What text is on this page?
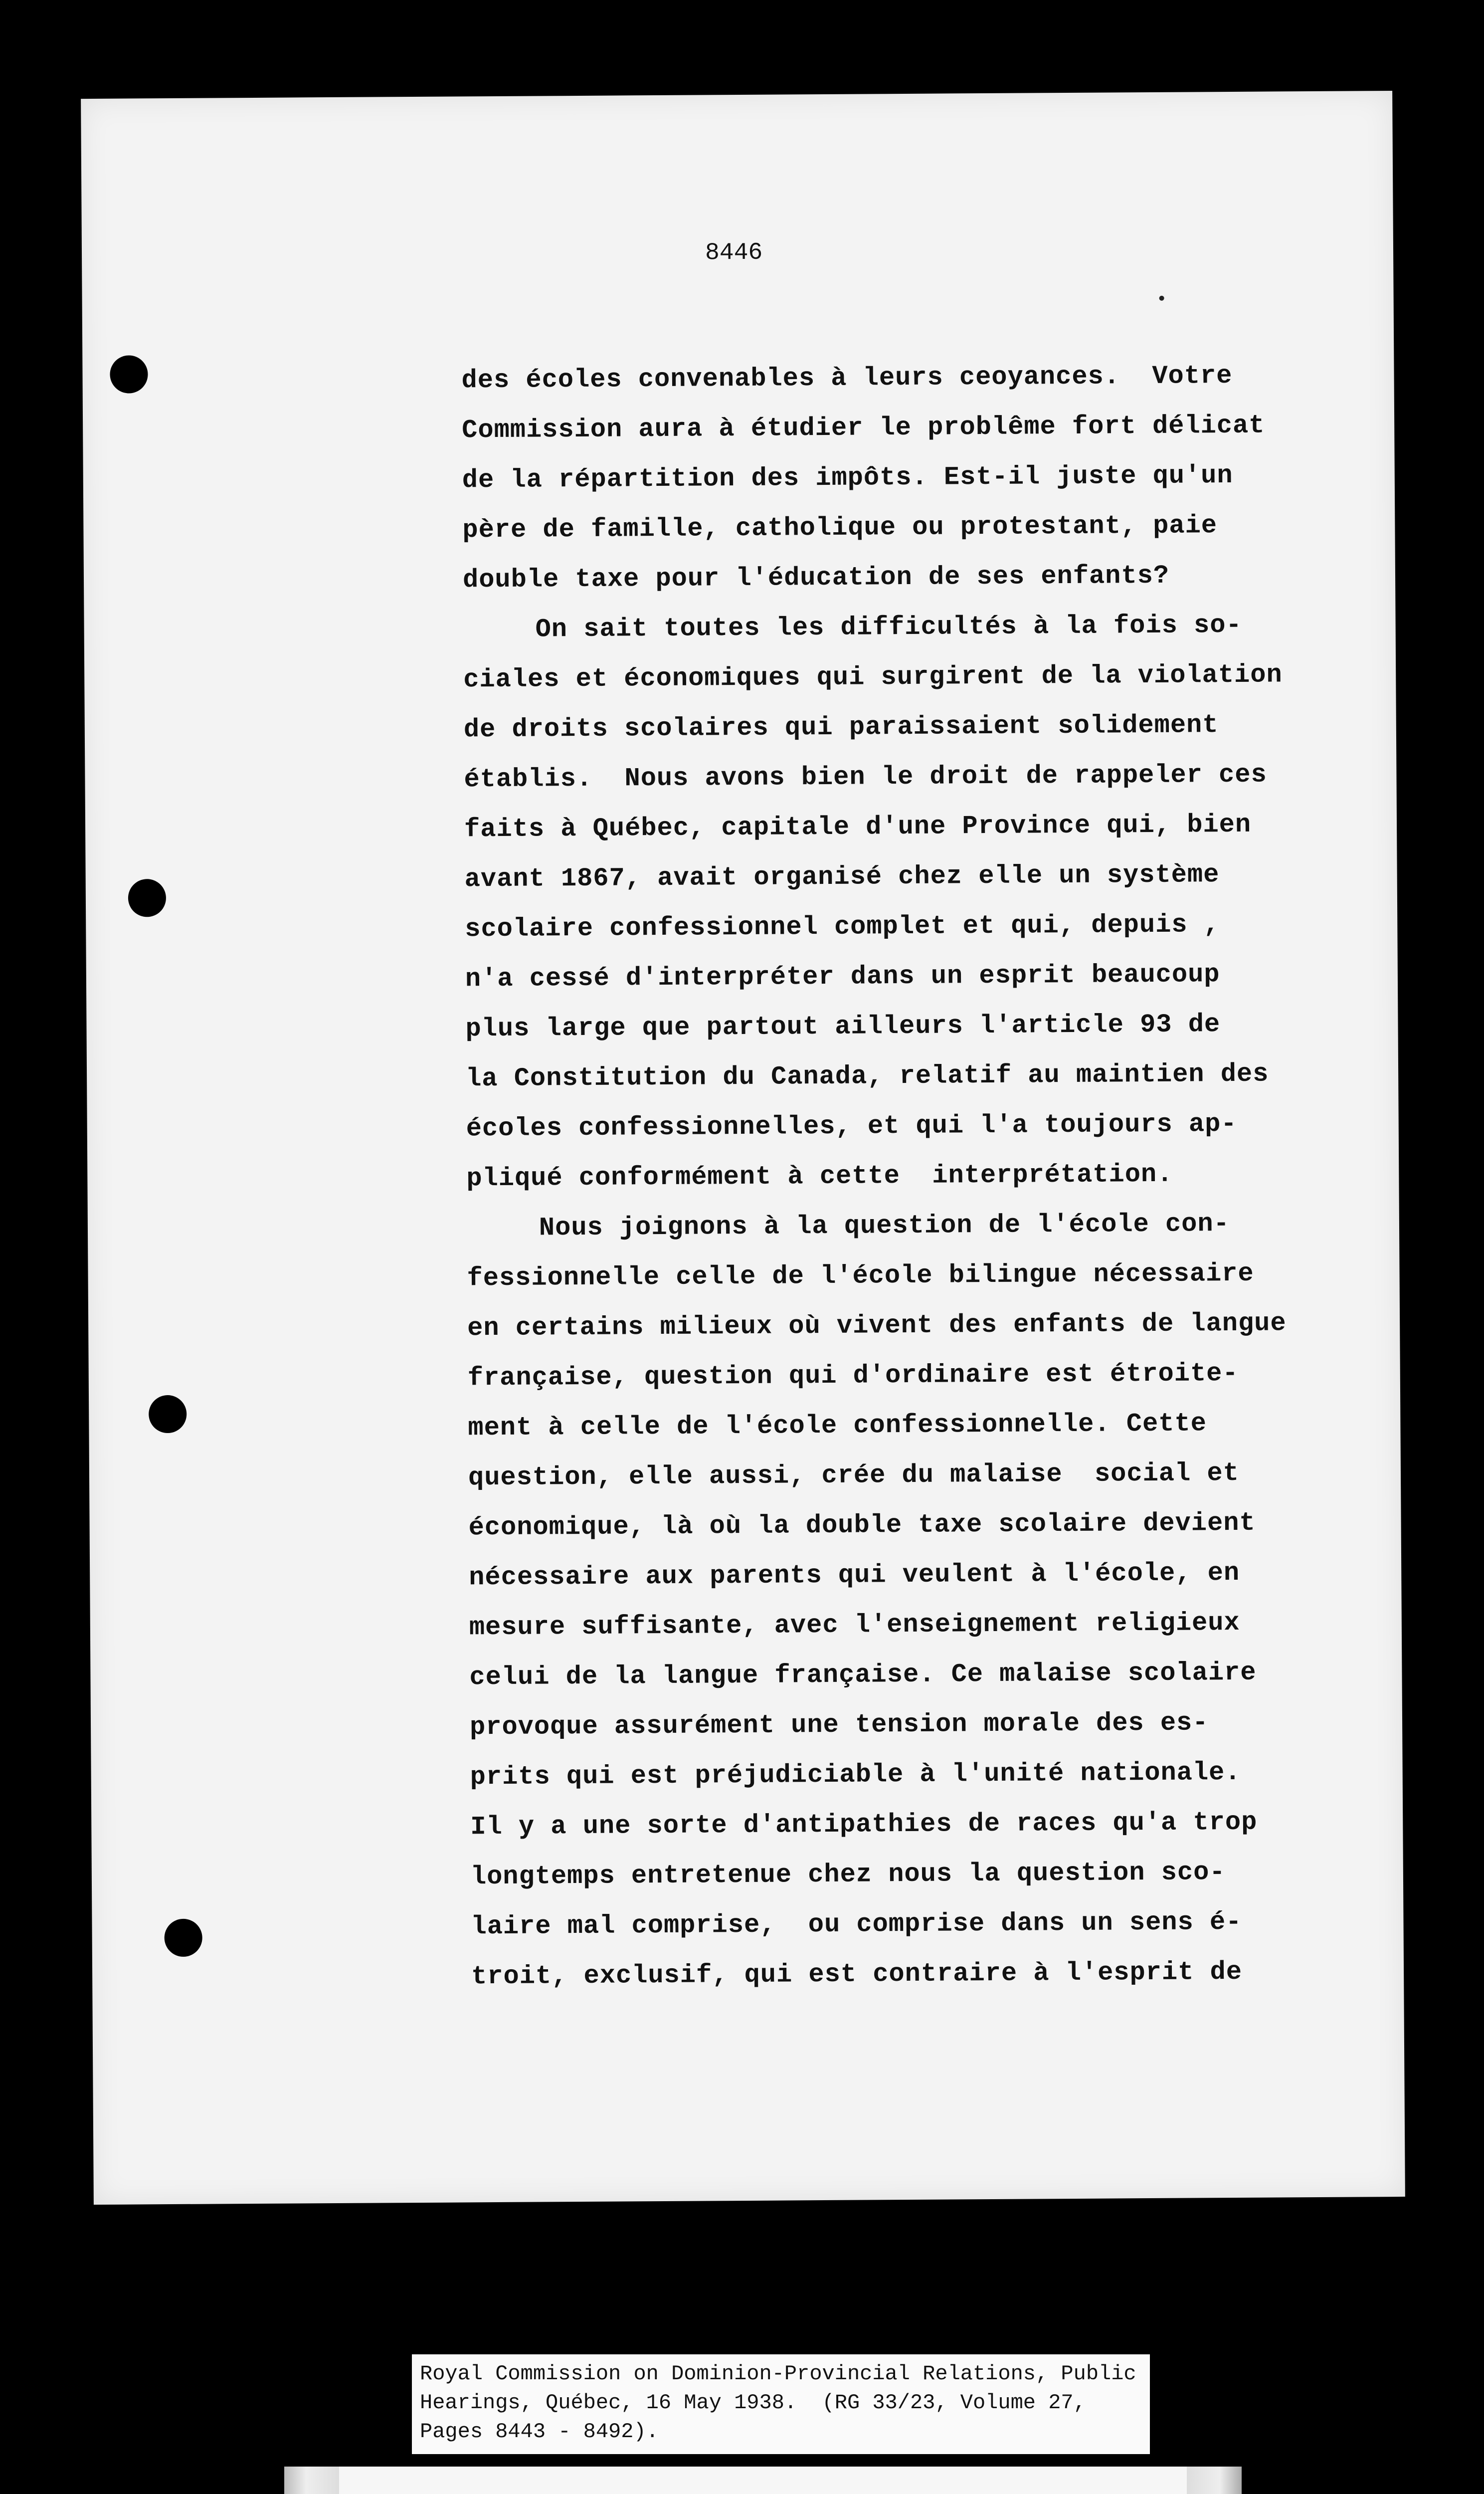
8446
des écoles convenables à leurs ceoyances.  Votre
Commission aura à étudier le problême fort délicat
de la répartition des impôts. Est-il juste qu'un
père de famille, catholique ou protestant, paie
double taxe pour l'éducation de ses enfants?
On sait toutes les difficultés à la fois so-
ciales et économiques qui surgirent de la violation
de droits scolaires qui paraissaient solidement
établis.  Nous avons bien le droit de rappeler ces
faits à Québec, capitale d'une Province qui, bien
avant 1867, avait organisé chez elle un système
scolaire confessionnel complet et qui, depuis ,
n'a cessé d'interpréter dans un esprit beaucoup
plus large que partout ailleurs l'article 93 de
la Constitution du Canada, relatif au maintien des
écoles confessionnelles, et qui l'a toujours ap-
pliqué conformément à cette  interprétation.
Nous joignons à la question de l'école con-
fessionnelle celle de l'école bilingue nécessaire
en certains milieux où vivent des enfants de langue
française, question qui d'ordinaire est étroite-
ment à celle de l'école confessionnelle. Cette
question, elle aussi, crée du malaise  social et
économique, là où la double taxe scolaire devient
nécessaire aux parents qui veulent à l'école, en
mesure suffisante, avec l'enseignement religieux
celui de la langue française. Ce malaise scolaire
provoque assurément une tension morale des es-
prits qui est préjudiciable à l'unité nationale.
Il y a une sorte d'antipathies de races qu'a trop
longtemps entretenue chez nous la question sco-
laire mal comprise,  ou comprise dans un sens é-
troit, exclusif, qui est contraire à l'esprit de
Royal Commission on Dominion-Provincial Relations, Public
Hearings, Québec, 16 May 1938.  (RG 33/23, Volume 27,
Pages 8443 - 8492).
